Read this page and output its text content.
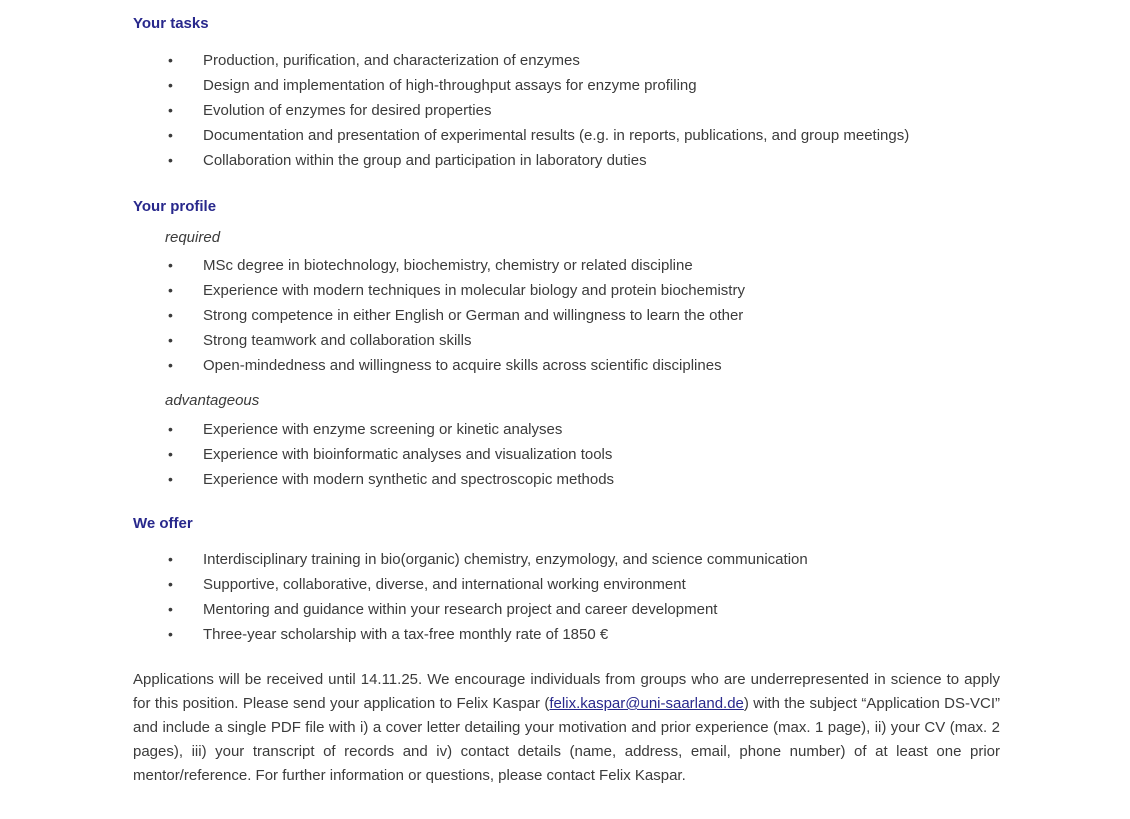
Your tasks
• Production, purification, and characterization of enzymes
• Design and implementation of high-throughput assays for enzyme profiling
• Evolution of enzymes for desired properties
• Documentation and presentation of experimental results (e.g. in reports, publications, and group meetings)
• Collaboration within the group and participation in laboratory duties
Your profile
required
• MSc degree in biotechnology, biochemistry, chemistry or related discipline
• Experience with modern techniques in molecular biology and protein biochemistry
• Strong competence in either English or German and willingness to learn the other
• Strong teamwork and collaboration skills
• Open-mindedness and willingness to acquire skills across scientific disciplines
advantageous
• Experience with enzyme screening or kinetic analyses
• Experience with bioinformatic analyses and visualization tools
• Experience with modern synthetic and spectroscopic methods
We offer
• Interdisciplinary training in bio(organic) chemistry, enzymology, and science communication
• Supportive, collaborative, diverse, and international working environment
• Mentoring and guidance within your research project and career development
• Three-year scholarship with a tax-free monthly rate of 1850 €

Applications will be received until 14.11.25. We encourage individuals from groups who are underrepresented in science to apply for this position. Please send your application to Felix Kaspar (felix.kaspar@uni-saarland.de) with the subject “Application DS-VCI” and include a single PDF file with i) a cover letter detailing your motivation and prior experience (max. 1 page), ii) your CV (max. 2 pages), iii) your transcript of records and iv) contact details (name, address, email, phone number) of at least one prior mentor/reference. For further information or questions, please contact Felix Kaspar.
